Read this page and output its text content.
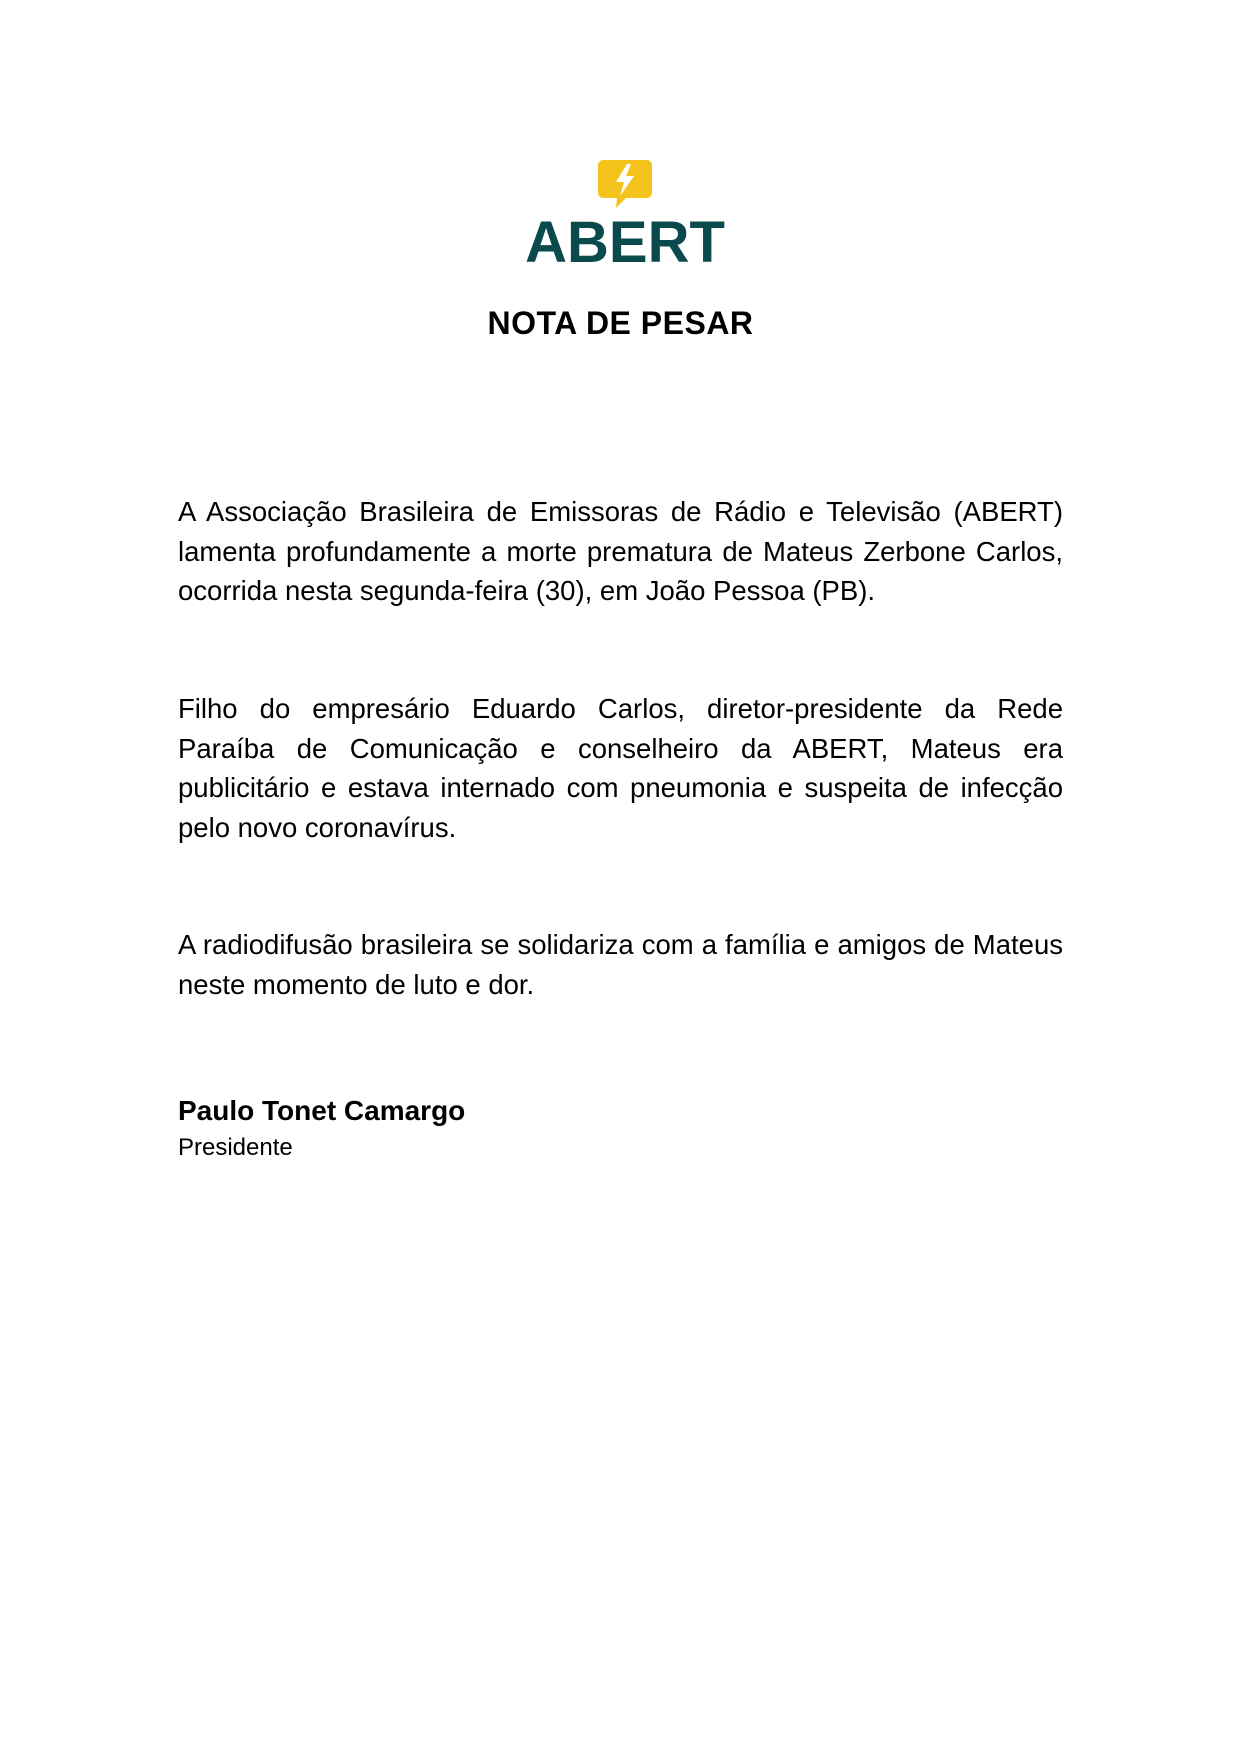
ABERT
NOTA DE PESAR
A Associação Brasileira de Emissoras de Rádio e Televisão (ABERT) lamenta profundamente a morte prematura de Mateus Zerbone Carlos, ocorrida nesta segunda-feira (30), em João Pessoa (PB).
Filho do empresário Eduardo Carlos, diretor-presidente da Rede Paraíba de Comunicação e conselheiro da ABERT, Mateus era publicitário e estava internado com pneumonia e suspeita de infecção pelo novo coronavírus.
A radiodifusão brasileira se solidariza com a família e amigos de Mateus neste momento de luto e dor.
Paulo Tonet Camargo
Presidente
